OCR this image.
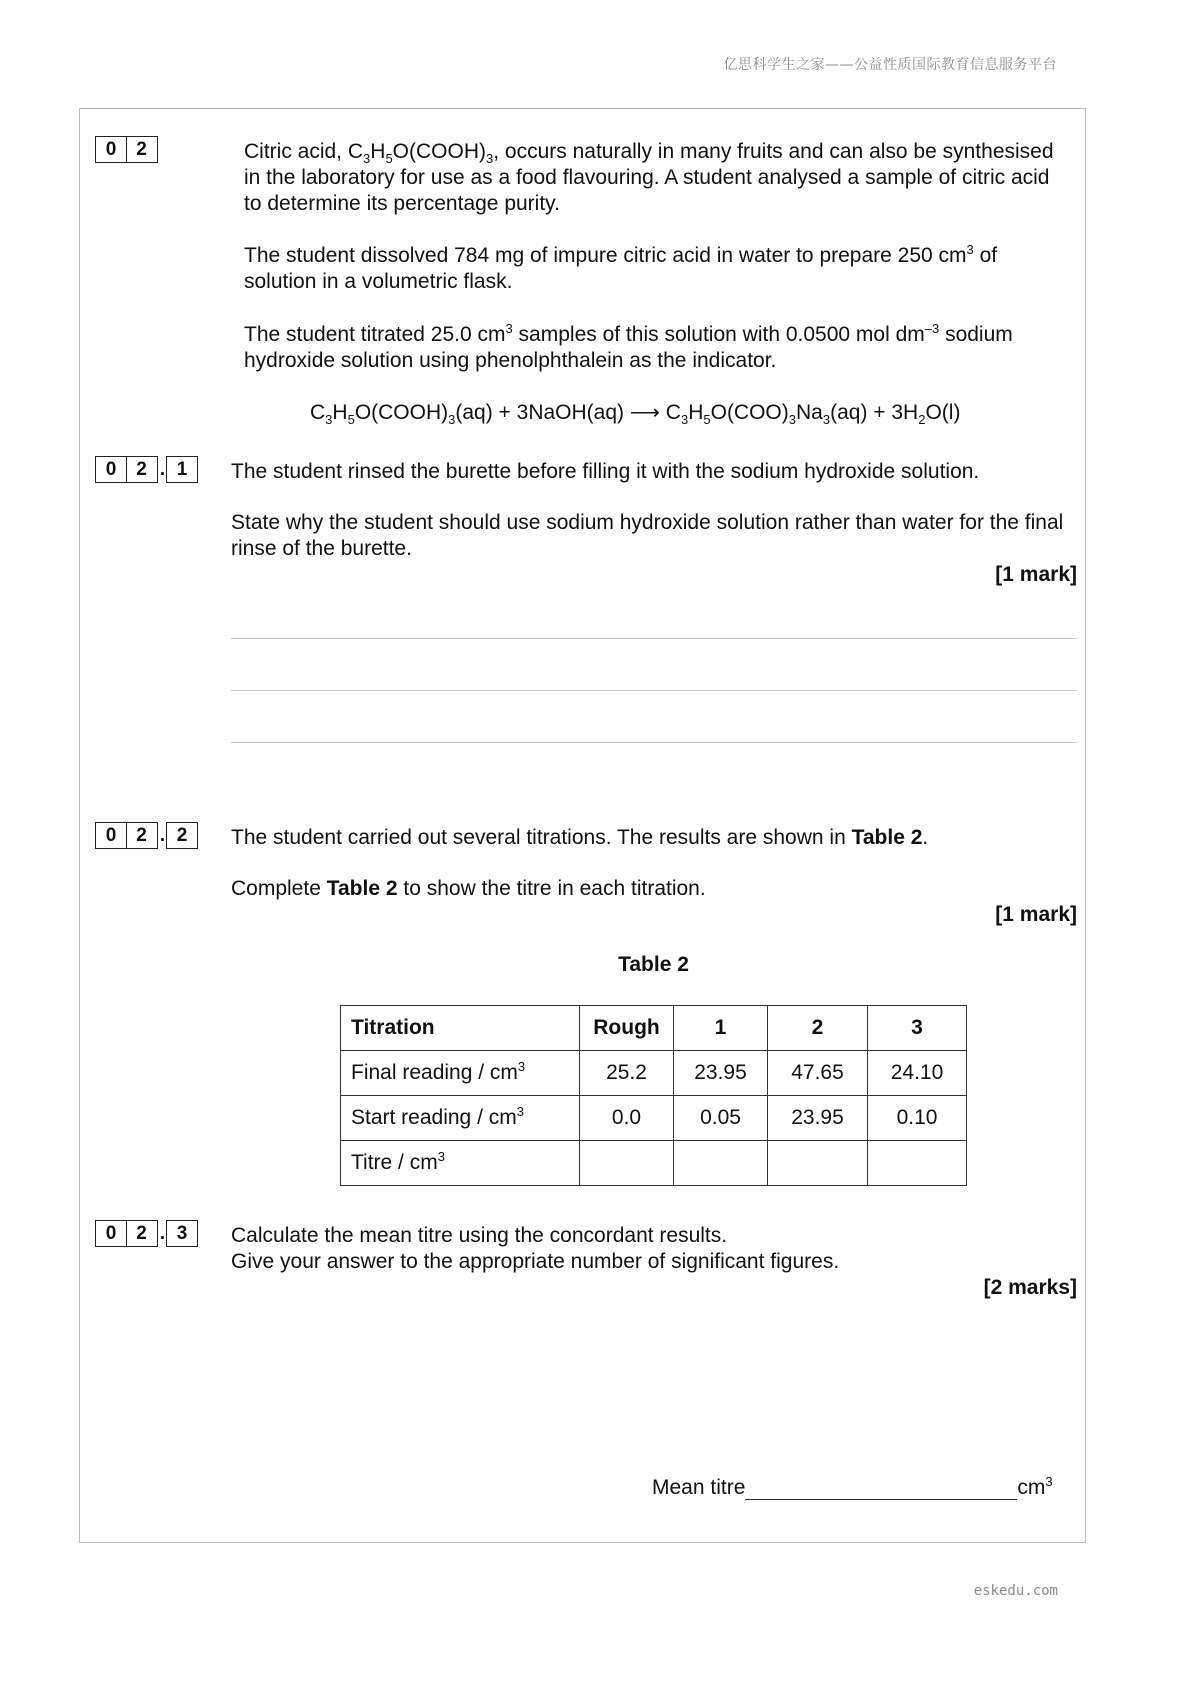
亿思科学生之家——公益性质国际教育信息服务平台
0	2	Citric acid, $C_3H_5O(COOH)_3$, occurs naturally in many fruits and can also be synthesised in the laboratory for use as a food flavouring. A student analysed a sample of citric acid to determine its percentage purity.

The student dissolved 784 mg of impure citric acid in water to prepare 250 $cm^3$ of solution in a volumetric flask.

The student titrated 25.0 $cm^3$ samples of this solution with 0.0500 mol $dm^{-3}$ sodium hydroxide solution using phenolphthalein as the indicator.

$C_3H_5O(COOH)_3(aq)$ + 3NaOH(aq) ⟶ $C_3H_5O(COO)_3Na_3(aq) + 3H_2O(l)$
0	2 . 1	The student rinsed the burette before filling it with the sodium hydroxide solution.
State why the student should use sodium hydroxide solution rather than water for the final rinse of the burette.
[1 mark]
0	2 . 2	The student carried out several titrations. The results are shown in Table 2.
Complete Table 2 to show the titre in each titration.
[1 mark]
Table 2
Titration	Rough	1	2	3
Final reading / $cm^3$	25.2	23.95	47.65	24.10
Start reading / $cm^3$	0.0	0.05	23.95	0.10
Titre / $cm^3$				
0	2 . 3	Calculate the mean titre using the concordant results.
Give your answer to the appropriate number of significant figures.
[2 marks]
Mean titre	$cm^3$
eskedu.com
